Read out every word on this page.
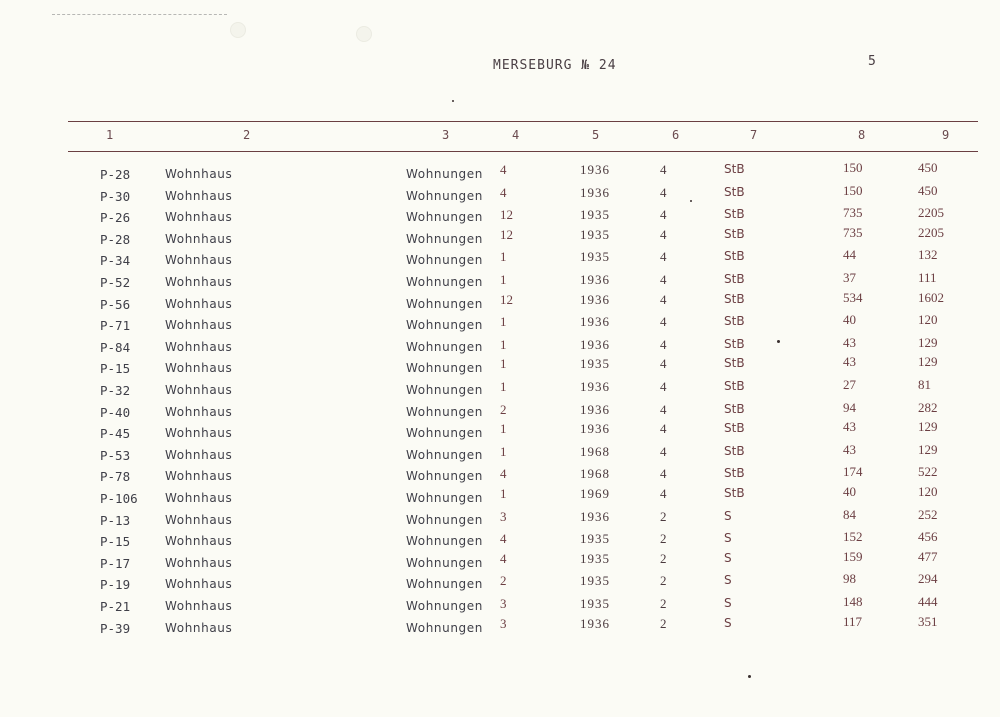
MERSEBURG № 24	5
1	2	3	4	5	6	7	8	9
P-28	Wohnhaus	Wohnungen 4	1936	4	StB	150	450
P-30	Wohnhaus	Wohnungen 4	1936	4	StB	150	450
P-26	Wohnhaus	Wohnungen 12	1935	4	StB	735	2205
P-28	Wohnhaus	Wohnungen 12	1935	4	StB	735	2205
P-34	Wohnhaus	Wohnungen 1	1935	4	StB	44	132
P-52	Wohnhaus	Wohnungen 1	1936	4	StB	37	111
P-56	Wohnhaus	Wohnungen 12	1936	4	StB	534	1602
P-71	Wohnhaus	Wohnungen 1	1936	4	StB	40	120
P-84	Wohnhaus	Wohnungen 1	1936	4	StB	43	129
P-15	Wohnhaus	Wohnungen 1	1935	4	StB	43	129
P-32	Wohnhaus	Wohnungen 1	1936	4	StB	27	81
P-40	Wohnhaus	Wohnungen 2	1936	4	StB	94	282
P-45	Wohnhaus	Wohnungen 1	1936	4	StB	43	129
P-53	Wohnhaus	Wohnungen 1	1968	4	StB	43	129
P-78	Wohnhaus	Wohnungen 4	1968	4	StB	174	522
P-106 Wohnhaus	Wohnungen 1	1969	4	StB	40	120
P-13	Wohnhaus	Wohnungen 3	1936	2	S	84	252
P-15	Wohnhaus	Wohnungen 4	1935	2	S	152	456
P-17	Wohnhaus	Wohnungen 4	1935	2	S	159	477
P-19	Wohnhaus	Wohnungen 2	1935	2	S	98	294
P-21	Wohnhaus	Wohnungen 3	1935	2	S	148	444
P-39	Wohnhaus	Wohnungen 3	1936	2	S	117	351
